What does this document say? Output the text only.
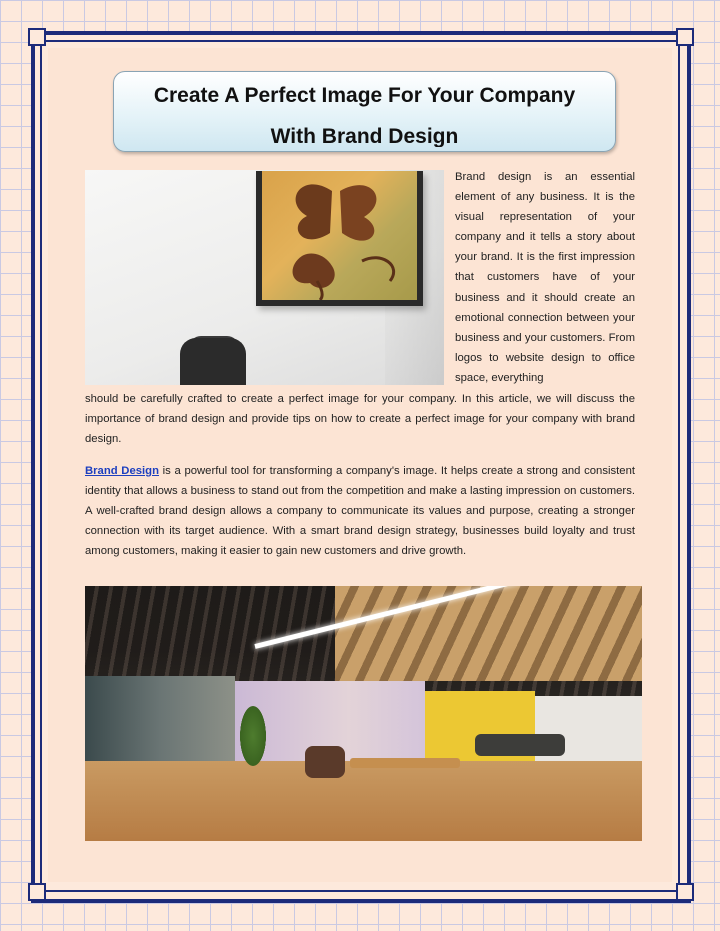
Create A Perfect Image For Your Company
With Brand Design
Brand design is an essential element of any business. It is the visual representation of your company and it tells a story about your brand. It is the first impression that customers have of your business and it should create an emotional connection between your business and your customers. From logos to website design to office space, everything
should be carefully crafted to create a perfect image for your company. In this article, we will discuss the importance of brand design and provide tips on how to create a perfect image for your company with brand design.
Brand Design is a powerful tool for transforming a company's image. It helps create a strong and consistent identity that allows a business to stand out from the competition and make a lasting impression on customers. A well-crafted brand design allows a company to communicate its values and purpose, creating a stronger connection with its target audience. With a smart brand design strategy, businesses build loyalty and trust among customers, making it easier to gain new customers and drive growth.
